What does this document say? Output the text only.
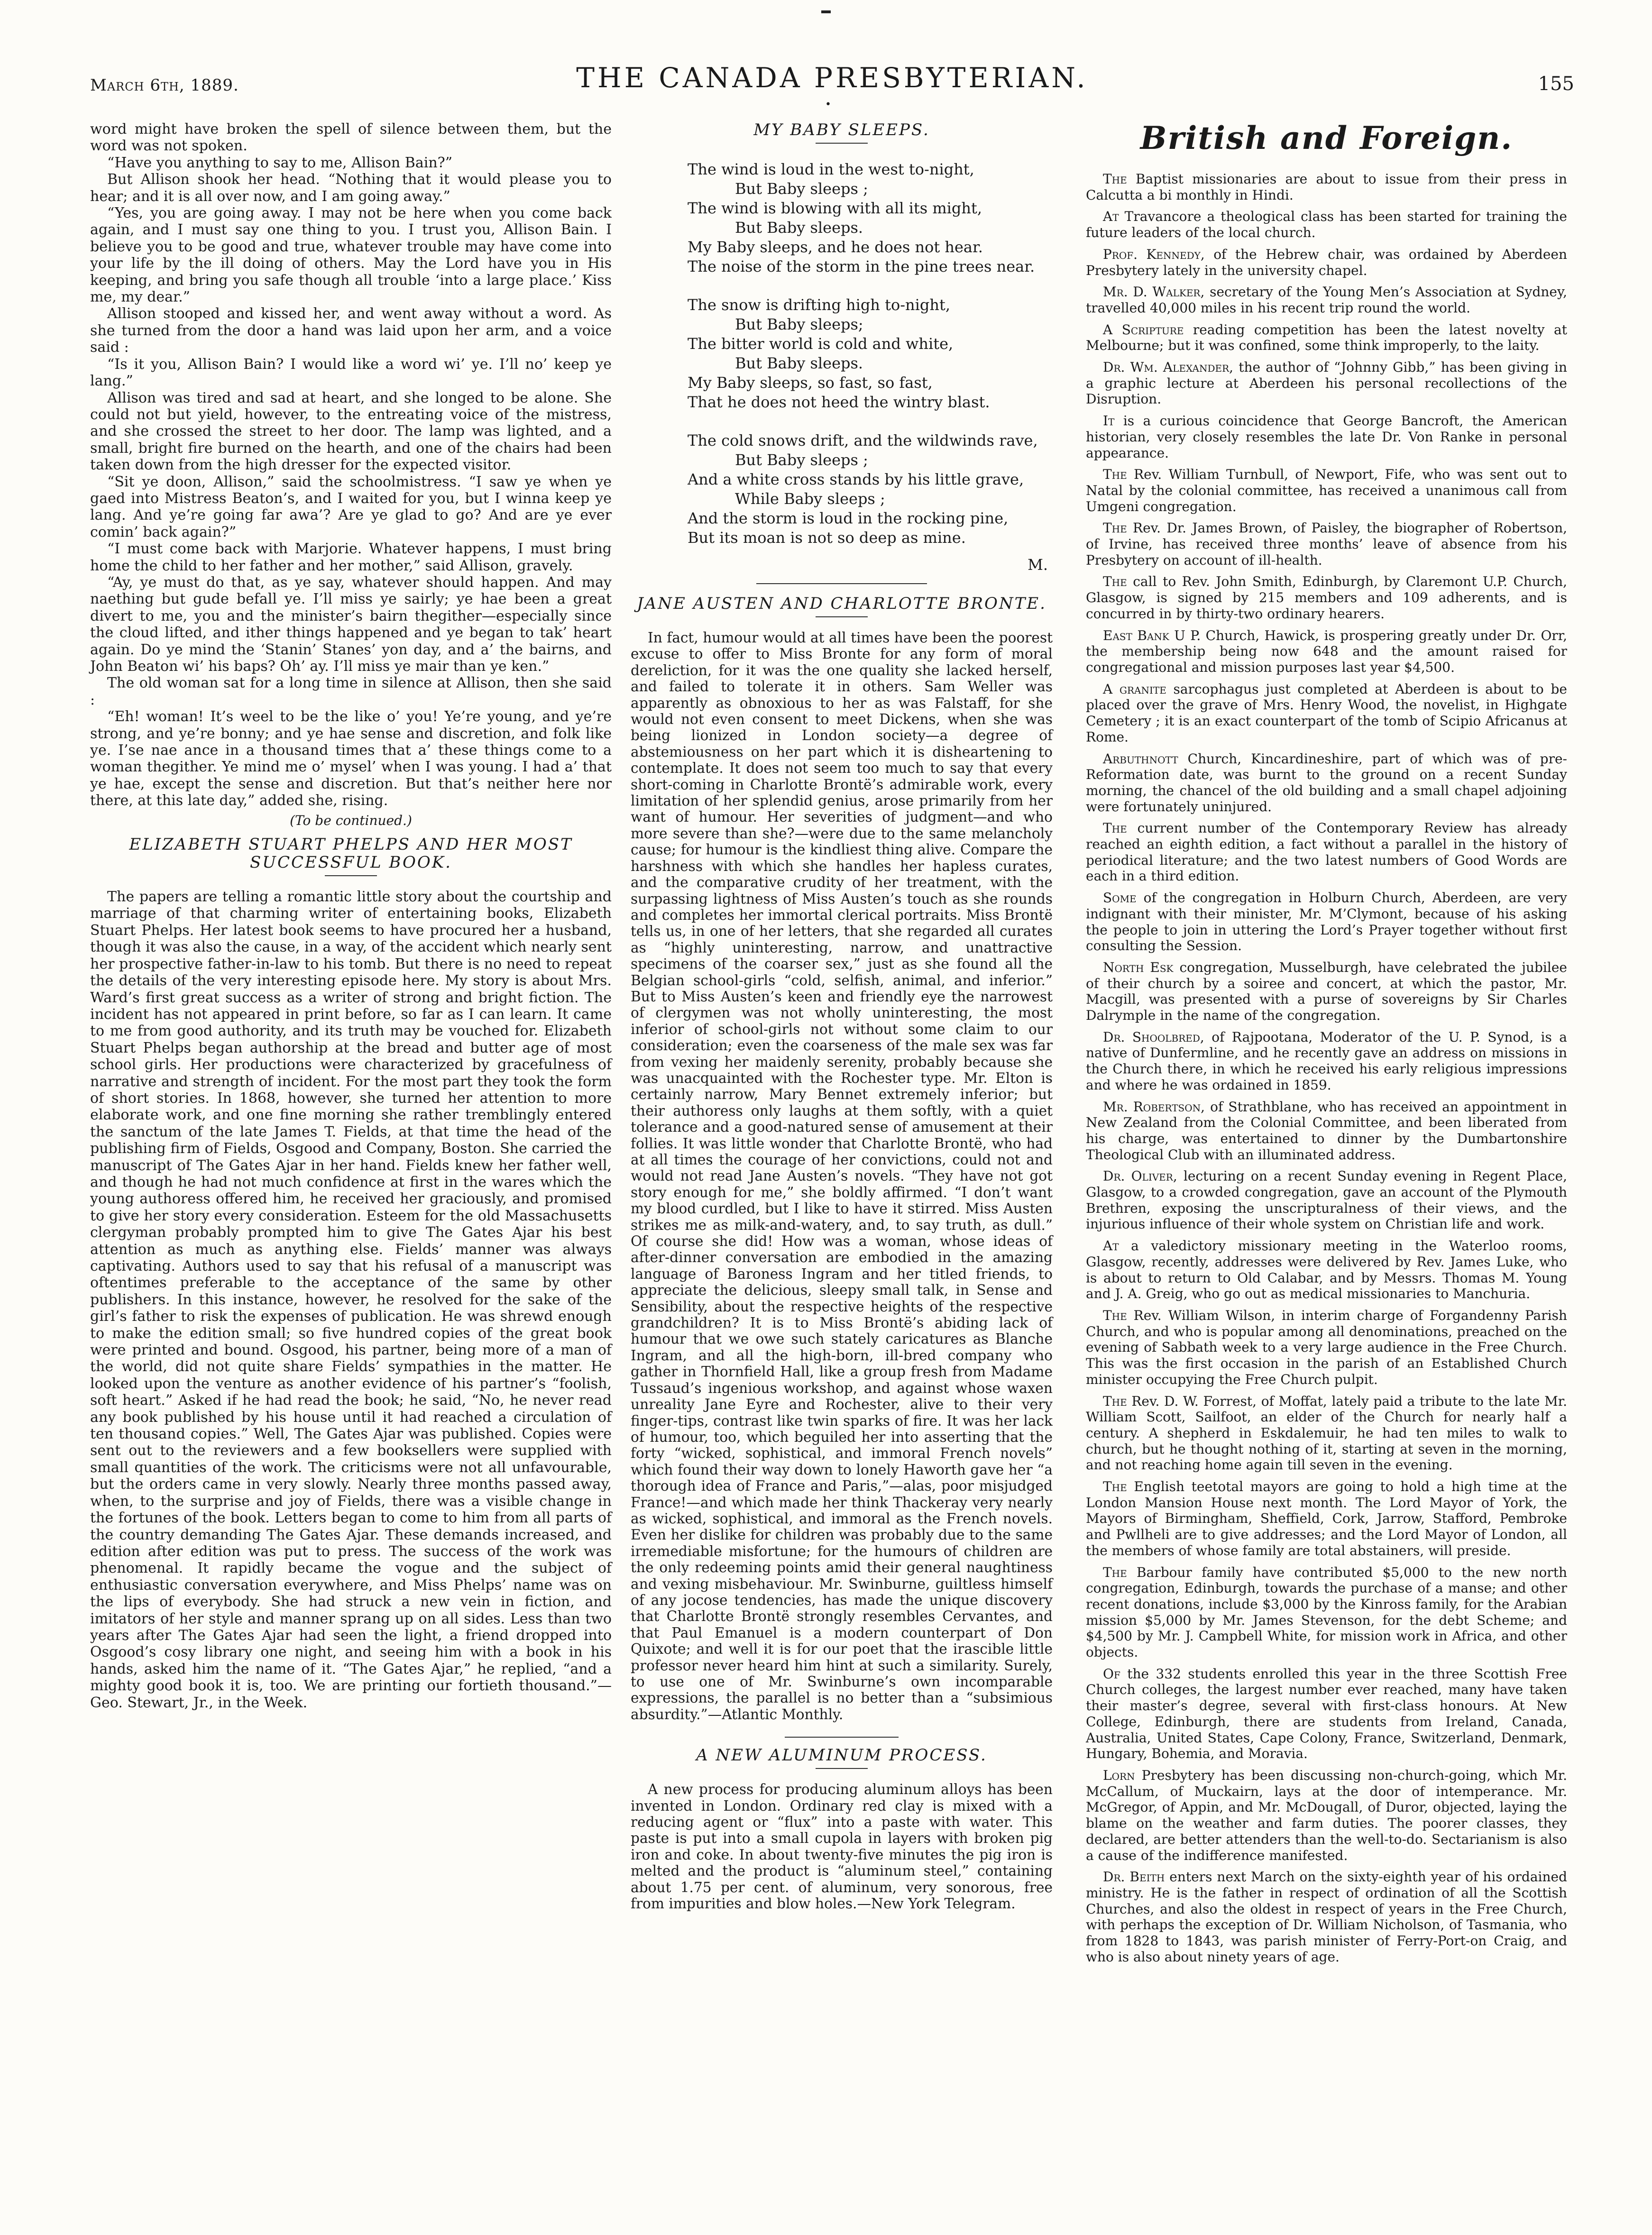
March 6th, 1889.	THE CANADA PRESBYTERIAN.
•
155

word might have broken the spell of silence between them, but the word was not spoken.

“Have you anything to say to me, Allison Bain?”

But Allison shook her head. “Nothing that it would please you to hear; and it is all over now, and I am going away.”

“Yes, you are going away. I may not be here when you come back again, and I must say one thing to you. I trust you, Allison Bain. I believe you to be good and true, whatever trouble may have come into your life by the ill doing of others. May the Lord have you in His keeping, and bring you safe though all trouble ‘into a large place.’ Kiss me, my dear.”

Allison stooped and kissed her, and went away without a word. As she turned from the door a hand was laid upon her arm, and a voice said :

“Is it you, Allison Bain? I would like a word wi’ ye. I’ll no’ keep ye lang.”

Allison was tired and sad at heart, and she longed to be alone. She could not but yield, however, to the entreating voice of the mistress, and she crossed the street to her door. The lamp was lighted, and a small, bright fire burned on the hearth, and one of the chairs had been taken down from the high dresser for the expected visitor.

“Sit ye doon, Allison,” said the schoolmistress. “I saw ye when ye gaed into Mistress Beaton’s, and I waited for you, but I winna keep ye lang. And ye’re going far awa’? Are ye glad to go? And are ye ever comin’ back again?”

“I must come back with Marjorie. Whatever happens, I must bring home the child to her father and her mother,” said Allison, gravely.

“Ay, ye must do that, as ye say, whatever should happen. And may naething but gude befall ye. I’ll miss ye sairly; ye hae been a great divert to me, you and the minister’s bairn thegither—especially since the cloud lifted, and ither things happened and ye began to tak’ heart again. Do ye mind the ‘Stanin’ Stanes’ yon day, and a’ the bairns, and John Beaton wi’ his baps? Oh’ ay. I’ll miss ye mair than ye ken.”

The old woman sat for a long time in silence at Allison, then she said :

“Eh! woman! It’s weel to be the like o’ you! Ye’re young, and ye’re strong, and ye’re bonny; and ye hae sense and discretion, and folk like ye. I’se nae ance in a thousand times that a’ these things come to a woman thegither. Ye mind me o’ mysel’ when I was young. I had a’ that ye hae, except the sense and discretion. But that’s neither here nor there, at this late day,” added she, rising.

(To be continued.)
ELIZABETH STUART PHELPS AND HER MOST SUCCESSFUL BOOK.

The papers are telling a romantic little story about the courtship and marriage of that charming writer of entertaining books, Elizabeth Stuart Phelps. Her latest book seems to have procured her a husband, though it was also the cause, in a way, of the accident which nearly sent her prospective father-in-law to his tomb. But there is no need to repeat the details of the very interesting episode here. My story is about Mrs. Ward’s first great success as a writer of strong and bright fiction. The incident has not appeared in print before, so far as I can learn. It came to me from good authority, and its truth may be vouched for. Elizabeth Stuart Phelps began authorship at the bread and butter age of most school girls. Her productions were characterized by gracefulness of narrative and strength of incident. For the most part they took the form of short stories. In 1868, however, she turned her attention to more elaborate work, and one fine morning she rather tremblingly entered the sanctum of the late James T. Fields, at that time the head of the publishing firm of Fields, Osgood and Company, Boston. She carried the manuscript of The Gates Ajar in her hand. Fields knew her father well, and though he had not much confidence at first in the wares which the young authoress offered him, he received her graciously, and promised to give her story every consideration. Esteem for the old Massachusetts clergyman probably prompted him to give The Gates Ajar his best attention as much as anything else. Fields’ manner was always captivating. Authors used to say that his refusal of a manuscript was oftentimes preferable to the acceptance of the same by other publishers. In this instance, however, he resolved for the sake of the girl’s father to risk the expenses of publication. He was shrewd enough to make the edition small; so five hundred copies of the great book were printed and bound. Osgood, his partner, being more of a man of the world, did not quite share Fields’ sympathies in the matter. He looked upon the venture as another evidence of his partner’s “foolish, soft heart.” Asked if he had read the book; he said, “No, he never read any book published by his house until it had reached a circulation of ten thousand copies.” Well, The Gates Ajar was published. Copies were sent out to the reviewers and a few booksellers were supplied with small quantities of the work. The criticisms were not all unfavourable, but the orders came in very slowly. Nearly three months passed away, when, to the surprise and joy of Fields, there was a visible change in the fortunes of the book. Letters began to come to him from all parts of the country demanding The Gates Ajar. These demands increased, and edition after edition was put to press. The success of the work was phenomenal. It rapidly became the vogue and the subject of enthusiastic conversation everywhere, and Miss Phelps’ name was on the lips of everybody. She had struck a new vein in fiction, and imitators of her style and manner sprang up on all sides. Less than two years after The Gates Ajar had seen the light, a friend dropped into Osgood’s cosy library one night, and seeing him with a book in his hands, asked him the name of it. “The Gates Ajar,” he replied, “and a mighty good book it is, too. We are printing our fortieth thousand.”—Geo. Stewart, Jr., in the Week.

MY BABY SLEEPS.
The wind is loud in the west to-night,
But Baby sleeps ;
The wind is blowing with all its might,
But Baby sleeps.
My Baby sleeps, and he does not hear.
The noise of the storm in the pine trees near.
The snow is drifting high to-night,
But Baby sleeps;
The bitter world is cold and white,
But Baby sleeps.
My Baby sleeps, so fast, so fast,
That he does not heed the wintry blast.
The cold snows drift, and the wildwinds rave,
But Baby sleeps ;
And a white cross stands by his little grave,
While Baby sleeps ;
And the storm is loud in the rocking pine,
But its moan is not so deep as mine.
M.
JANE AUSTEN AND CHARLOTTE BRONTE.

In fact, humour would at all times have been the poorest excuse to offer to Miss Bronte for any form of moral dereliction, for it was the one quality she lacked herself, and failed to tolerate it in others. Sam Weller was apparently as obnoxious to her as was Falstaff, for she would not even consent to meet Dickens, when she was being lionized in London society—a degree of abstemiousness on her part which it is disheartening to contemplate. It does not seem too much to say that every short-coming in Charlotte Brontë’s admirable work, every limitation of her splendid genius, arose primarily from her want of humour. Her severities of judgment—and who more severe than she?—were due to the same melancholy cause; for humour is the kindliest thing alive. Compare the harshness with which she handles her hapless curates, and the comparative crudity of her treatment, with the surpassing lightness of Miss Austen’s touch as she rounds and completes her immortal clerical portraits. Miss Brontë tells us, in one of her letters, that she regarded all curates as “highly uninteresting, narrow, and unattractive specimens of the coarser sex,” just as she found all the Belgian school-girls “cold, selfish, animal, and inferior.” But to Miss Austen’s keen and friendly eye the narrowest of clergymen was not wholly uninteresting, the most inferior of school-girls not without some claim to our consideration; even the coarseness of the male sex was far from vexing her maidenly serenity, probably because she was unacquainted with the Rochester type. Mr. Elton is certainly narrow, Mary Bennet extremely inferior; but their authoress only laughs at them softly, with a quiet tolerance and a good-natured sense of amusement at their follies. It was little wonder that Charlotte Brontë, who had at all times the courage of her convictions, could not and would not read Jane Austen’s novels. “They have not got story enough for me,” she boldly affirmed. “I don’t want my blood curdled, but I like to have it stirred. Miss Austen strikes me as milk-and-watery, and, to say truth, as dull.” Of course she did! How was a woman, whose ideas of after-dinner conversation are embodied in the amazing language of Baroness Ingram and her titled friends, to appreciate the delicious, sleepy small talk, in Sense and Sensibility, about the respective heights of the respective grandchildren? It is to Miss Brontë’s abiding lack of humour that we owe such stately caricatures as Blanche Ingram, and all the high-born, ill-bred company who gather in Thornfield Hall, like a group fresh from Madame Tussaud’s ingenious workshop, and against whose waxen unreality Jane Eyre and Rochester, alive to their very finger-tips, contrast like twin sparks of fire. It was her lack of humour, too, which beguiled her into asserting that the forty “wicked, sophistical, and immoral French novels” which found their way down to lonely Haworth gave her “a thorough idea of France and Paris,”—alas, poor misjudged France!—and which made her think Thackeray very nearly as wicked, sophistical, and immoral as the French novels. Even her dislike for children was probably due to the same irremediable misfortune; for the humours of children are the only redeeming points amid their general naughtiness and vexing misbehaviour. Mr. Swinburne, guiltless himself of any jocose tendencies, has made the unique discovery that Charlotte Brontë strongly resembles Cervantes, and that Paul Emanuel is a modern counterpart of Don Quixote; and well it is for our poet that the irascible little professor never heard him hint at such a similarity. Surely, to use one of Mr. Swinburne’s own incomparable expressions, the parallel is no better than a “subsimious absurdity.”—Atlantic Monthly.

A NEW ALUMINUM PROCESS.

A new process for producing aluminum alloys has been invented in London. Ordinary red clay is mixed with a reducing agent or “flux” into a paste with water. This paste is put into a small cupola in layers with broken pig iron and coke. In about twenty-five minutes the pig iron is melted and the product is “aluminum steel,” containing about 1.75 per cent. of aluminum, very sonorous, free from impurities and blow holes.—New York Telegram.

British and Foreign.

The Baptist missionaries are about to issue from their press in Calcutta a bi monthly in Hindi.

At Travancore a theological class has been started for training the future leaders of the local church.

Prof. Kennedy, of the Hebrew chair, was ordained by Aberdeen Presbytery lately in the university chapel.

Mr. D. Walker, secretary of the Young Men’s Association at Sydney, travelled 40,000 miles in his recent trip round the world.

A Scripture reading competition has been the latest novelty at Melbourne; but it was confined, some think improperly, to the laity.

Dr. Wm. Alexander, the author of “Johnny Gibb,” has been giving in a graphic lecture at Aberdeen his personal recollections of the Disruption.

It is a curious coincidence that George Bancroft, the American historian, very closely resembles the late Dr. Von Ranke in personal appearance.

The Rev. William Turnbull, of Newport, Fife, who was sent out to Natal by the colonial committee, has received a unanimous call from Umgeni congregation.

The Rev. Dr. James Brown, of Paisley, the biographer of Robertson, of Irvine, has received three months’ leave of absence from his Presbytery on account of ill-health.

The call to Rev. John Smith, Edinburgh, by Claremont U.P. Church, Glasgow, is signed by 215 members and 109 adherents, and is concurred in by thirty-two ordinary hearers.

East Bank U P. Church, Hawick, is prospering greatly under Dr. Orr, the membership being now 648 and the amount raised for congregational and mission purposes last year $4,500.

A granite sarcophagus just completed at Aberdeen is about to be placed over the grave of Mrs. Henry Wood, the novelist, in Highgate Cemetery ; it is an exact counterpart of the tomb of Scipio Africanus at Rome.

Arbuthnott Church, Kincardineshire, part of which was of pre-Reformation date, was burnt to the ground on a recent Sunday morning, the chancel of the old building and a small chapel adjoining were fortunately uninjured.

The current number of the Contemporary Review has already reached an eighth edition, a fact without a parallel in the history of periodical literature; and the two latest numbers of Good Words are each in a third edition.

Some of the congregation in Holburn Church, Aberdeen, are very indignant with their minister, Mr. M’Clymont, because of his asking the people to join in uttering the Lord’s Prayer together without first consulting the Session.

North Esk congregation, Musselburgh, have celebrated the jubilee of their church by a soiree and concert, at which the pastor, Mr. Macgill, was presented with a purse of sovereigns by Sir Charles Dalrymple in the name of the congregation.

Dr. Shoolbred, of Rajpootana, Moderator of the U. P. Synod, is a native of Dunfermline, and he recently gave an address on missions in the Church there, in which he received his early religious impressions and where he was ordained in 1859.

Mr. Robertson, of Strathblane, who has received an appointment in New Zealand from the Colonial Committee, and been liberated from his charge, was entertained to dinner by the Dumbartonshire Theological Club with an illuminated address.

Dr. Oliver, lecturing on a recent Sunday evening in Regent Place, Glasgow, to a crowded congregation, gave an account of the Plymouth Brethren, exposing the unscripturalness of their views, and the injurious influence of their whole system on Christian life and work.

At a valedictory missionary meeting in the Waterloo rooms, Glasgow, recently, addresses were delivered by Rev. James Luke, who is about to return to Old Calabar, and by Messrs. Thomas M. Young and J. A. Greig, who go out as medical missionaries to Manchuria.

The Rev. William Wilson, in interim charge of Forgandenny Parish Church, and who is popular among all denominations, preached on the evening of Sabbath week to a very large audience in the Free Church. This was the first occasion in the parish of an Established Church minister occupying the Free Church pulpit.

The Rev. D. W. Forrest, of Moffat, lately paid a tribute to the late Mr. William Scott, Sailfoot, an elder of the Church for nearly half a century. A shepherd in Eskdalemuir, he had ten miles to walk to church, but he thought nothing of it, starting at seven in the morning, and not reaching home again till seven in the evening.

The English teetotal mayors are going to hold a high time at the London Mansion House next month. The Lord Mayor of York, the Mayors of Birmingham, Sheffield, Cork, Jarrow, Stafford, Pembroke and Pwllheli are to give addresses; and the Lord Mayor of London, all the members of whose family are total abstainers, will preside.

The Barbour family have contributed $5,000 to the new north congregation, Edinburgh, towards the purchase of a manse; and other recent donations, include $3,000 by the Kinross family, for the Arabian mission $5,000 by Mr. James Stevenson, for the debt Scheme; and $4,500 by Mr. J. Campbell White, for mission work in Africa, and other objects.

Of the 332 students enrolled this year in the three Scottish Free Church colleges, the largest number ever reached, many have taken their master’s degree, several with first-class honours. At New College, Edinburgh, there are students from Ireland, Canada, Australia, United States, Cape Colony, France, Switzerland, Denmark, Hungary, Bohemia, and Moravia.

Lorn Presbytery has been discussing non-church-going, which Mr. McCallum, of Muckairn, lays at the door of intemperance. Mr. McGregor, of Appin, and Mr. McDougall, of Duror, objected, laying the blame on the weather and farm duties. The poorer classes, they declared, are better attenders than the well-to-do. Sectarianism is also a cause of the indifference manifested.

Dr. Beith enters next March on the sixty-eighth year of his ordained ministry. He is the father in respect of ordination of all the Scottish Churches, and also the oldest in respect of years in the Free Church, with perhaps the exception of Dr. William Nicholson, of Tasmania, who from 1828 to 1843, was parish minister of Ferry-Port-on Craig, and who is also about ninety years of age.
